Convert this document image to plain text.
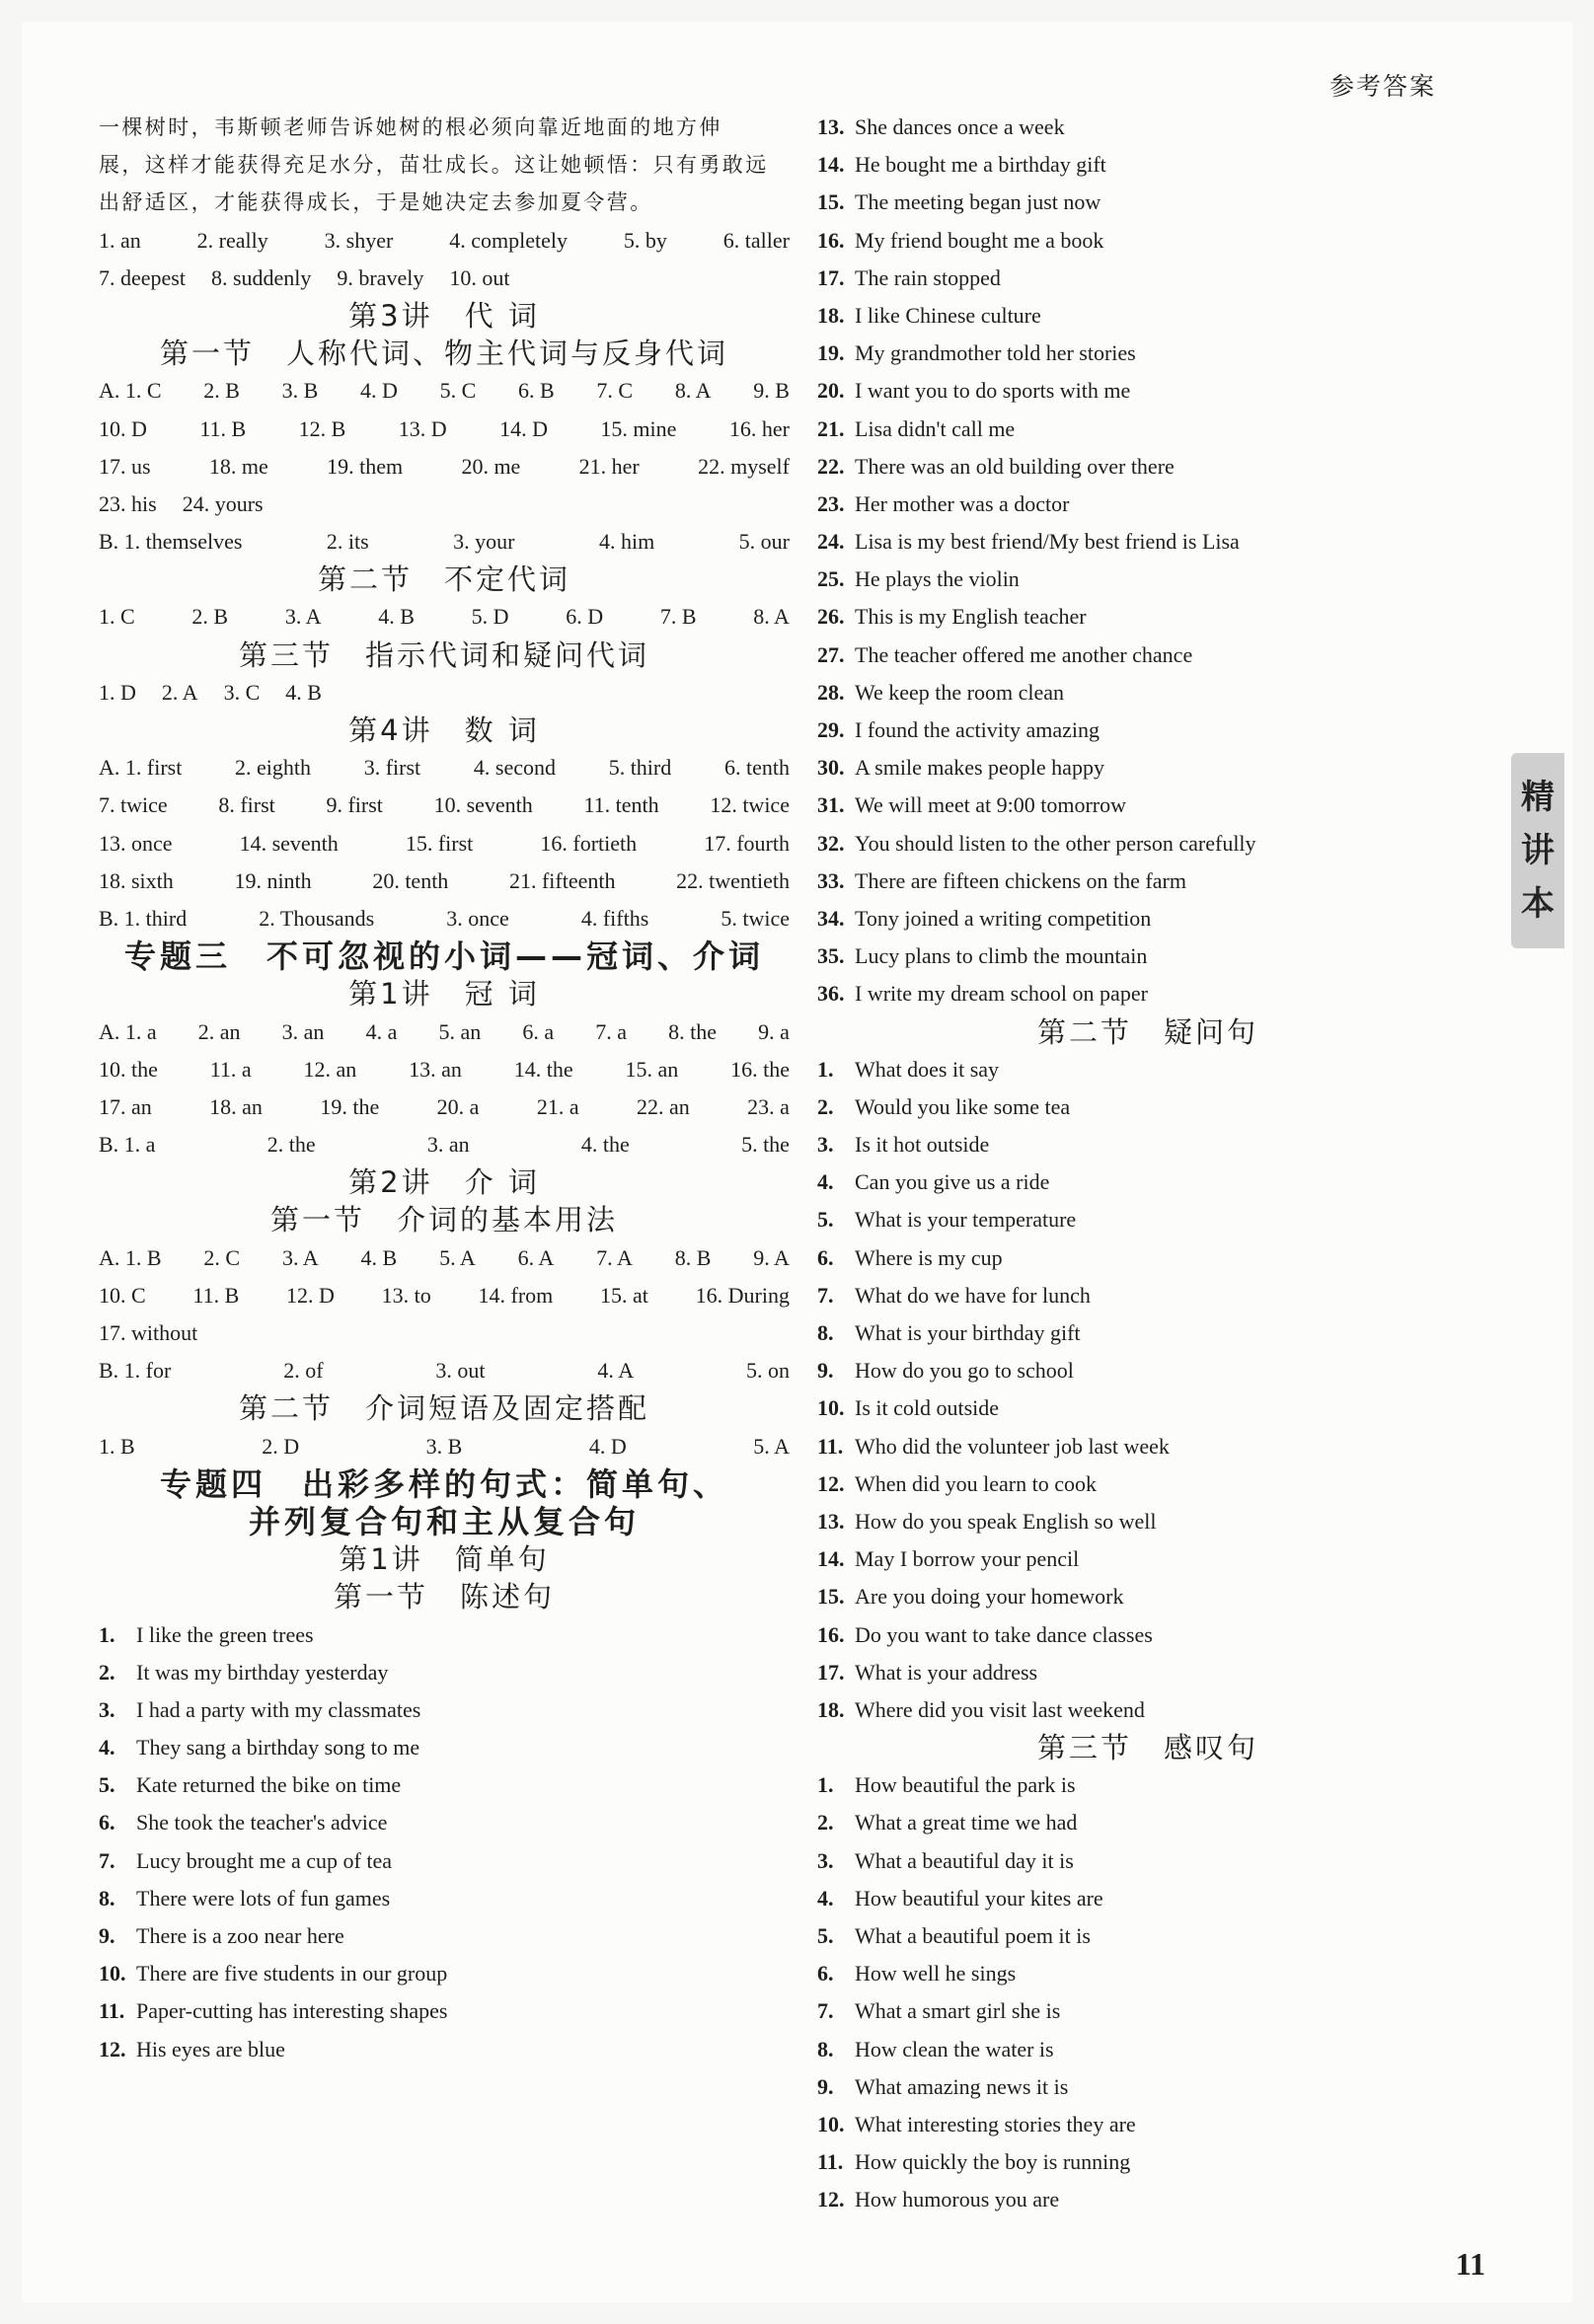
参考答案
一棵树时，韦斯顿老师告诉她树的根必须向靠近地面的地方伸
展，这样才能获得充足水分，苗壮成长。这让她顿悟：只有勇敢远
出舒适区，才能获得成长，于是她决定去参加夏令营。
1. an	2. really	3. shyer	4. completely	5. by	6. taller
7. deepest 8. suddenly 9. bravely 10. out
第3讲　代 词
第一节　人称代词、物主代词与反身代词
A. 1. C 2. B 3. B 4. D 5. C 6. B 7. C 8. A 9. B
10. D 11. B 12. B 13. D 14. D 15. mine 16. her
17. us	18. me	19. them	20. me	21. her	22. myself
23. his 24. yours
B. 1. themselves	2. its	3. your	4. him	5. our
第二节　不定代词
1. C	2. B	3. A	4. B	5. D	6. D	7. B	8. A
第三节　指示代词和疑问代词
1. D 2. A 3. C 4. B
第4讲　数 词
A. 1. first 2. eighth 3. first 4. second 5. third 6. tenth
7. twice 8. first 9. first 10. seventh 11. tenth 12. twice
13. once	14. seventh	15. first	16. fortieth	17. fourth
18. sixth	19. ninth	20. tenth	21. fifteenth	22. twentieth
B. 1. third	2. Thousands	3. once	4. fifths	5. twice
专题三　不可忽视的小词——冠词、介词
第1讲　冠 词
A. 1. a 2. an 3. an 4. a 5. an 6. a 7. a 8. the 9. a
10. the 11. a 12. an 13. an 14. the 15. an 16. the
17. an	18. an	19. the	20. a	21. a	22. an	23. a
B. 1. a	2. the	3. an	4. the	5. the
第2讲　介 词
第一节　介词的基本用法
A. 1. B 2. C 3. A 4. B 5. A 6. A 7. A 8. B 9. A
10. C 11. B 12. D 13. to 14. from 15. at 16. During
17. without
B. 1. for	2. of	3. out	4. A	5. on
第二节　介词短语及固定搭配
1. B	2. D	3. B	4. D	5. A
专题四　出彩多样的句式：简单句、
并列复合句和主从复合句
第1讲　简单句
第一节　陈述句
1. I like the green trees
2. It was my birthday yesterday
3. I had a party with my classmates
4. They sang a birthday song to me
5. Kate returned the bike on time
6. She took the teacher's advice
7. Lucy brought me a cup of tea
8. There were lots of fun games
9. There is a zoo near here
10. There are five students in our group
11. Paper-cutting has interesting shapes
12. His eyes are blue
13. She dances once a week
14. He bought me a birthday gift
15. The meeting began just now
16. My friend bought me a book
17. The rain stopped
18. I like Chinese culture
19. My grandmother told her stories
20. I want you to do sports with me
21. Lisa didn't call me
22. There was an old building over there
23. Her mother was a doctor
24. Lisa is my best friend/My best friend is Lisa
25. He plays the violin
26. This is my English teacher
27. The teacher offered me another chance
28. We keep the room clean
29. I found the activity amazing
30. A smile makes people happy
31. We will meet at 9:00 tomorrow
32. You should listen to the other person carefully
33. There are fifteen chickens on the farm
34. Tony joined a writing competition
35. Lucy plans to climb the mountain
36. I write my dream school on paper
第二节　疑问句
1. What does it say
2. Would you like some tea
3. Is it hot outside
4. Can you give us a ride
5. What is your temperature
6. Where is my cup
7. What do we have for lunch
8. What is your birthday gift
9. How do you go to school
10. Is it cold outside
11. Who did the volunteer job last week
12. When did you learn to cook
13. How do you speak English so well
14. May I borrow your pencil
15. Are you doing your homework
16. Do you want to take dance classes
17. What is your address
18. Where did you visit last weekend
第三节　感叹句
1. How beautiful the park is
2. What a great time we had
3. What a beautiful day it is
4. How beautiful your kites are
5. What a beautiful poem it is
6. How well he sings
7. What a smart girl she is
8. How clean the water is
9. What amazing news it is
10. What interesting stories they are
11. How quickly the boy is running
12. How humorous you are
精
讲
本
11
